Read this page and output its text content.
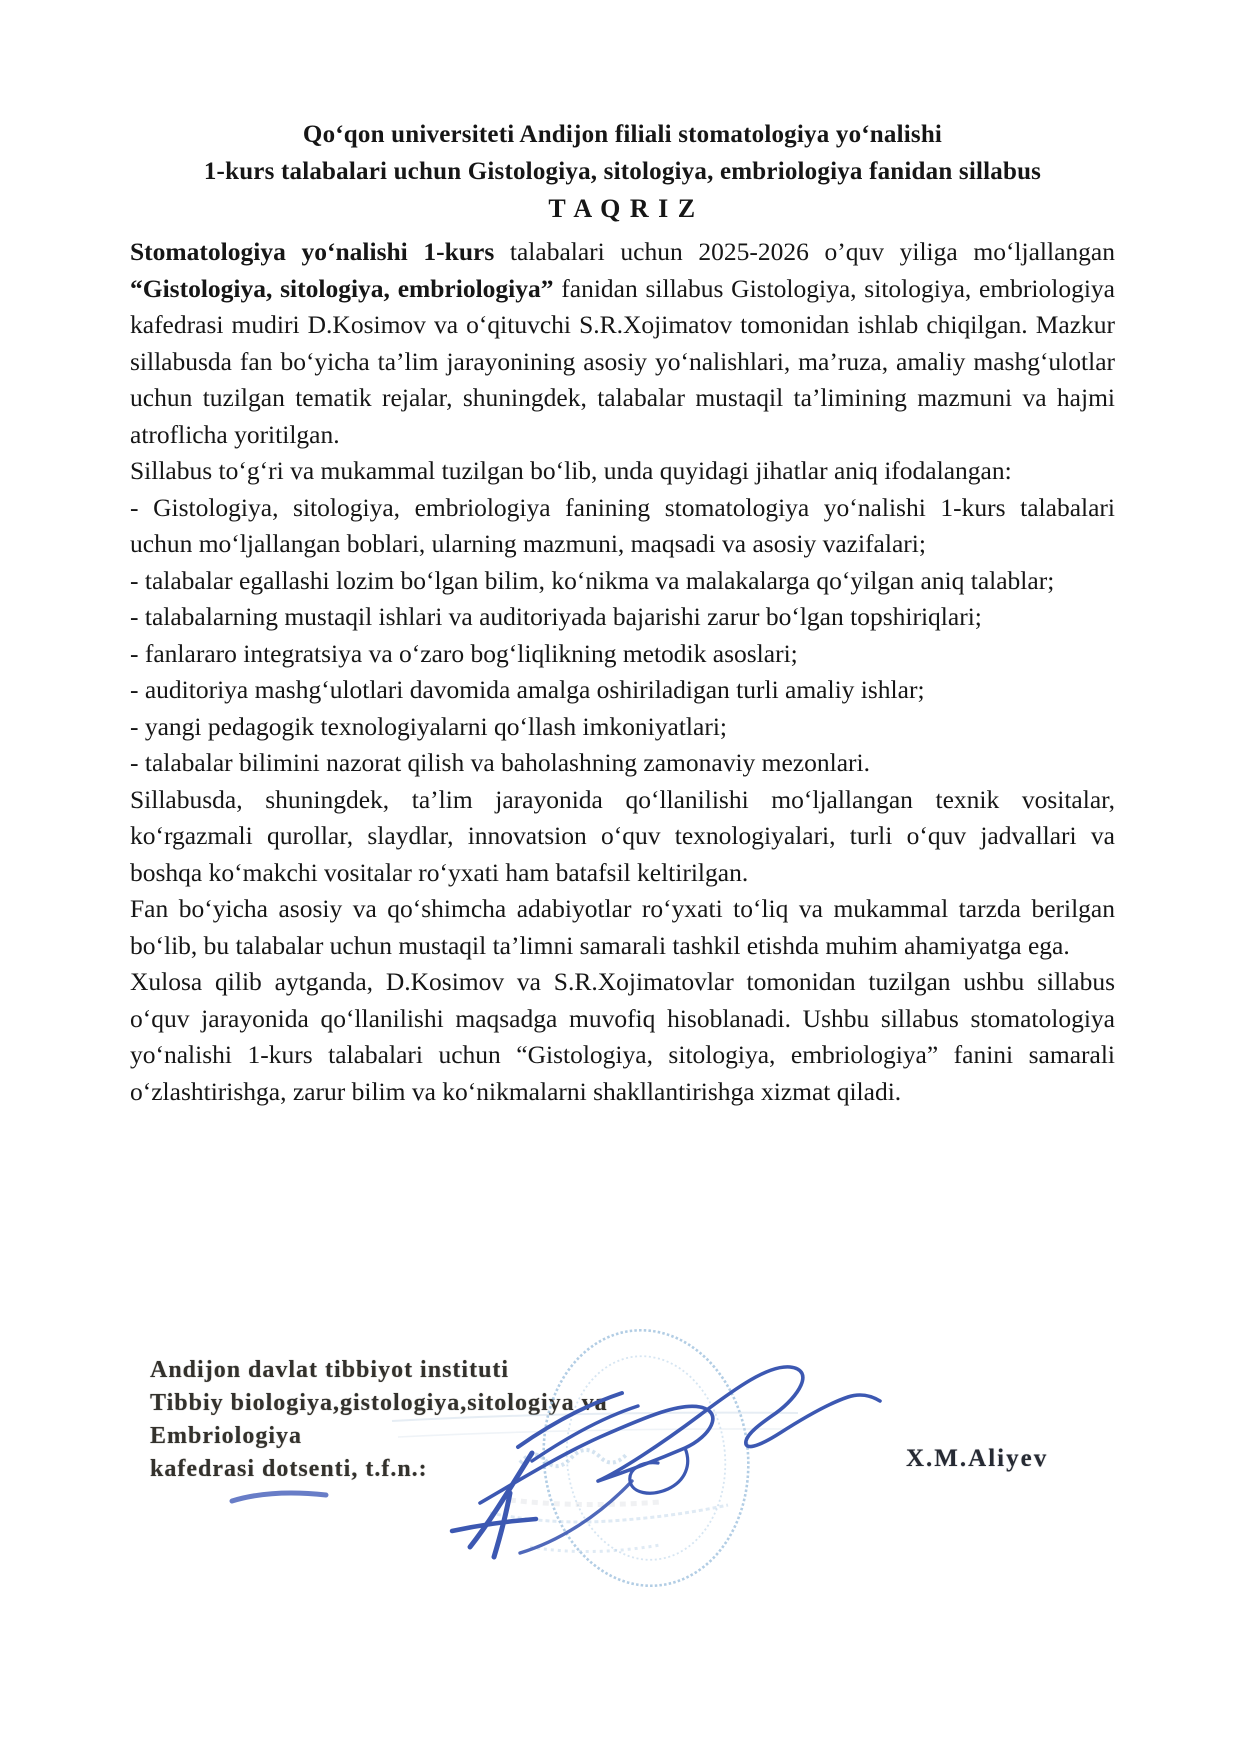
Qo‘qon universiteti Andijon filiali stomatologiya yo‘nalishi
1-kurs talabalari uchun Gistologiya, sitologiya, embriologiya fanidan sillabus
T A Q R I Z

Stomatologiya yo‘nalishi 1-kurs talabalari uchun 2025-2026 o’quv yiliga mo‘ljallangan “Gistologiya, sitologiya, embriologiya” fanidan sillabus Gistologiya, sitologiya, embriologiya kafedrasi mudiri D.Kosimov va o‘qituvchi S.R.Xojimatov tomonidan ishlab chiqilgan. Mazkur sillabusda fan bo‘yicha ta’lim jarayonining asosiy yo‘nalishlari, ma’ruza, amaliy mashg‘ulotlar uchun tuzilgan tematik rejalar, shuningdek, talabalar mustaqil ta’limining mazmuni va hajmi atroflicha yoritilgan.

Sillabus to‘g‘ri va mukammal tuzilgan bo‘lib, unda quyidagi jihatlar aniq ifodalangan:

- Gistologiya, sitologiya, embriologiya fanining stomatologiya yo‘nalishi 1-kurs talabalari uchun mo‘ljallangan boblari, ularning mazmuni, maqsadi va asosiy vazifalari;

- talabalar egallashi lozim bo‘lgan bilim, ko‘nikma va malakalarga qo‘yilgan aniq talablar;

- talabalarning mustaqil ishlari va auditoriyada bajarishi zarur bo‘lgan topshiriqlari;

- fanlararo integratsiya va o‘zaro bog‘liqlikning metodik asoslari;

- auditoriya mashg‘ulotlari davomida amalga oshiriladigan turli amaliy ishlar;

- yangi pedagogik texnologiyalarni qo‘llash imkoniyatlari;

- talabalar bilimini nazorat qilish va baholashning zamonaviy mezonlari.

Sillabusda, shuningdek, ta’lim jarayonida qo‘llanilishi mo‘ljallangan texnik vositalar, ko‘rgazmali qurollar, slaydlar, innovatsion o‘quv texnologiyalari, turli o‘quv jadvallari va boshqa ko‘makchi vositalar ro‘yxati ham batafsil keltirilgan.

Fan bo‘yicha asosiy va qo‘shimcha adabiyotlar ro‘yxati to‘liq va mukammal tarzda berilgan bo‘lib, bu talabalar uchun mustaqil ta’limni samarali tashkil etishda muhim ahamiyatga ega.

Xulosa qilib aytganda, D.Kosimov va S.R.Xojimatovlar tomonidan tuzilgan ushbu sillabus o‘quv jarayonida qo‘llanilishi maqsadga muvofiq hisoblanadi. Ushbu sillabus stomatologiya yo‘nalishi 1-kurs talabalari uchun “Gistologiya, sitologiya, embriologiya” fanini samarali o‘zlashtirishga, zarur bilim va ko‘nikmalarni shakllantirishga xizmat qiladi.

Andijon davlat tibbiyot instituti
Tibbiy biologiya,gistologiya,sitologiya va
Embriologiya
kafedrasi dotsenti, t.f.n.:	X.M.Aliyev
